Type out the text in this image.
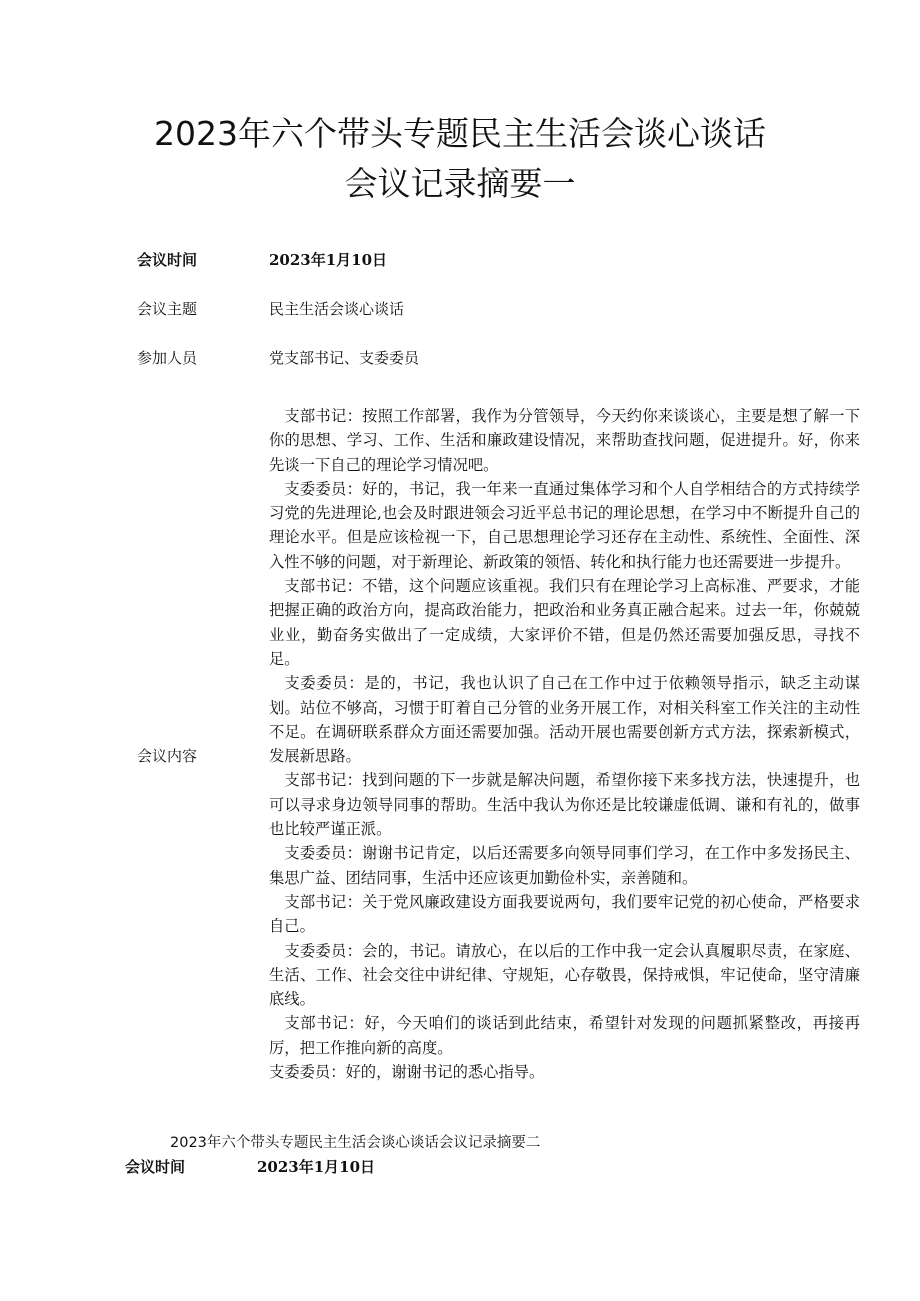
2023年六个带头专题民主生活会谈心谈话
会议记录摘要一
会议时间	2023年1月10日
会议主题	民主生活会谈心谈话
参加人员	党支部书记、支委委员
会议内容

支部书记：按照工作部署，我作为分管领导，今天约你来谈谈心，主要是想了解一下你的思想、学习、工作、生活和廉政建设情况，来帮助查找问题，促进提升。好，你来先谈一下自己的理论学习情况吧。

支委委员：好的，书记，我一年来一直通过集体学习和个人自学相结合的方式持续学习党的先进理论,也会及时跟进领会习近平总书记的理论思想，在学习中不断提升自己的理论水平。但是应该检视一下，自己思想理论学习还存在主动性、系统性、全面性、深入性不够的问题，对于新理论、新政策的领悟、转化和执行能力也还需要进一步提升。

支部书记：不错，这个问题应该重视。我们只有在理论学习上高标准、严要求，才能把握正确的政治方向，提高政治能力，把政治和业务真正融合起来。过去一年，你兢兢业业，勤奋务实做出了一定成绩，大家评价不错，但是仍然还需要加强反思，寻找不足。

支委委员：是的，书记，我也认识了自己在工作中过于依赖领导指示，缺乏主动谋划。站位不够高，习惯于盯着自己分管的业务开展工作，对相关科室工作关注的主动性不足。在调研联系群众方面还需要加强。活动开展也需要创新方式方法，探索新模式，发展新思路。

支部书记：找到问题的下一步就是解决问题，希望你接下来多找方法，快速提升，也可以寻求身边领导同事的帮助。生活中我认为你还是比较谦虚低调、谦和有礼的，做事也比较严谨正派。

支委委员：谢谢书记肯定，以后还需要多向领导同事们学习，在工作中多发扬民主、集思广益、团结同事，生活中还应该更加勤俭朴实，亲善随和。

支部书记：关于党风廉政建设方面我要说两句，我们要牢记党的初心使命，严格要求自己。

支委委员：会的，书记。请放心，在以后的工作中我一定会认真履职尽责，在家庭、生活、工作、社会交往中讲纪律、守规矩，心存敬畏，保持戒惧，牢记使命，坚守清廉底线。

支部书记：好，今天咱们的谈话到此结束，希望针对发现的问题抓紧整改，再接再厉，把工作推向新的高度。

支委委员：好的，谢谢书记的悉心指导。

2023年六个带头专题民主生活会谈心谈话会议记录摘要二
会议时间	2023年1月10日
